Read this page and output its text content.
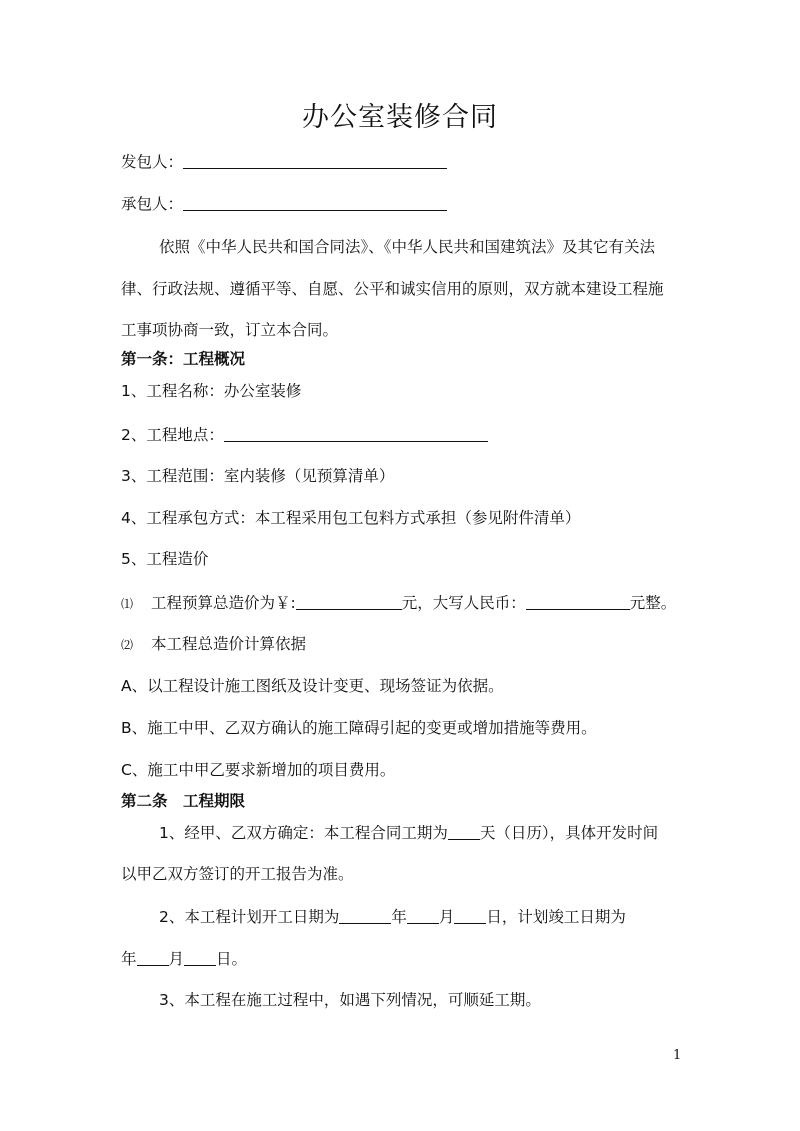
办公室装修合同
发包人：
承包人：
依照《中华人民共和国合同法》、《中华人民共和国建筑法》及其它有关法
律、行政法规、遵循平等、自愿、公平和诚实信用的原则，双方就本建设工程施
工事项协商一致，订立本合同。
第一条：工程概况
1、工程名称：办公室装修
2、工程地点：
3、工程范围：室内装修（见预算清单）
4、工程承包方式：本工程采用包工包料方式承担（参见附件清单）
5、工程造价
⑴ 工程预算总造价为￥:	元，大写人民币：	元整。
⑵ 本工程总造价计算依据
A、以工程设计施工图纸及设计变更、现场签证为依据。
B、施工中甲、乙双方确认的施工障碍引起的变更或增加措施等费用。
C、施工中甲乙要求新增加的项目费用。
第二条　工程期限
1、经甲、乙双方确定：本工程合同工期为 天（日历），具体开发时间
以甲乙双方签订的开工报告为准。
2、本工程计划开工日期为	年 月 日，计划竣工日期为
年 月 日。
3、本工程在施工过程中，如遇下列情况，可顺延工期。
1
